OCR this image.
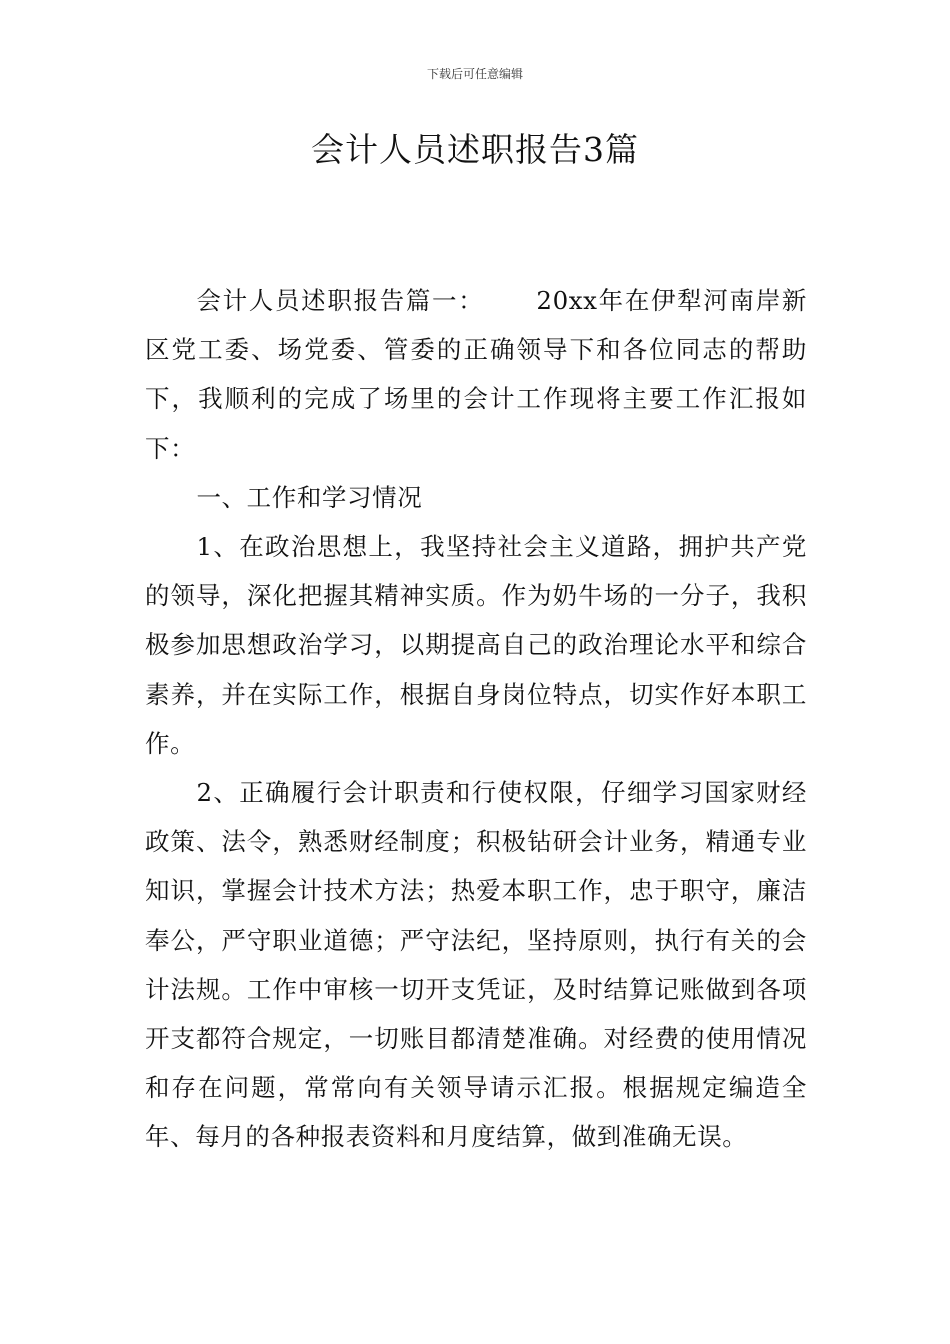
下载后可任意编辑
会计人员述职报告3篇

会计人员述职报告篇一： 20xx年在伊犁河南岸新区党工委、场党委、管委的正确领导下和各位同志的帮助下，我顺利的完成了场里的会计工作现将主要工作汇报如下：

一、工作和学习情况

1、在政治思想上，我坚持社会主义道路，拥护共产党的领导，深化把握其精神实质。作为奶牛场的一分子，我积极参加思想政治学习，以期提高自己的政治理论水平和综合素养，并在实际工作，根据自身岗位特点，切实作好本职工作。

2、正确履行会计职责和行使权限，仔细学习国家财经政策、法令，熟悉财经制度；积极钻研会计业务，精通专业知识，掌握会计技术方法；热爱本职工作，忠于职守，廉洁奉公，严守职业道德；严守法纪，坚持原则，执行有关的会计法规。工作中审核一切开支凭证，及时结算记账做到各项开支都符合规定，一切账目都清楚准确。对经费的使用情况和存在问题，常常向有关领导请示汇报。根据规定编造全年、每月的各种报表资料和月度结算，做到准确无误。
